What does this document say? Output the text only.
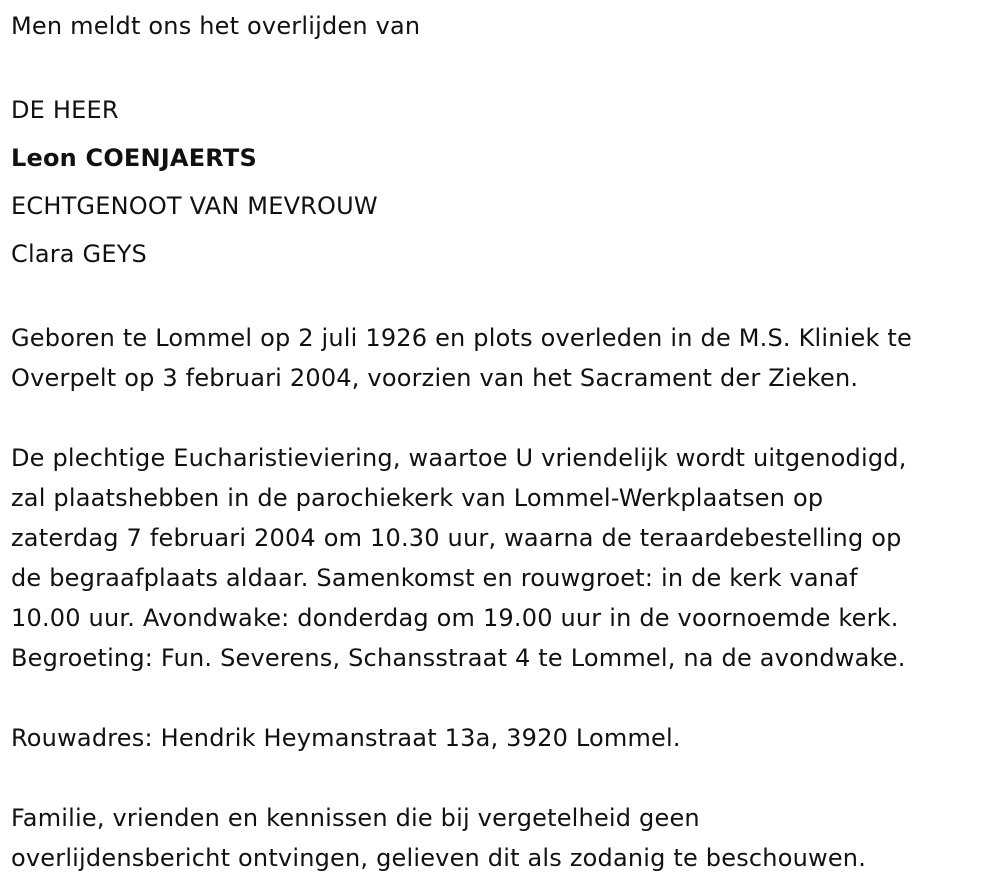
Men meldt ons het overlijden van

DE HEER

Leon COENJAERTS

ECHTGENOOT VAN MEVROUW

Clara GEYS

Geboren te Lommel op 2 juli 1926 en plots overleden in de M.S. Kliniek te

Overpelt op 3 februari 2004, voorzien van het Sacrament der Zieken.

De plechtige Eucharistieviering, waartoe U vriendelijk wordt uitgenodigd,

zal plaatshebben in de parochiekerk van Lommel-Werkplaatsen op

zaterdag 7 februari 2004 om 10.30 uur, waarna de teraardebestelling op

de begraafplaats aldaar. Samenkomst en rouwgroet: in de kerk vanaf

10.00 uur. Avondwake: donderdag om 19.00 uur in de voornoemde kerk.

Begroeting: Fun. Severens, Schansstraat 4 te Lommel, na de avondwake.

Rouwadres: Hendrik Heymanstraat 13a, 3920 Lommel.

Familie, vrienden en kennissen die bij vergetelheid geen

overlijdensbericht ontvingen, gelieven dit als zodanig te beschouwen.
